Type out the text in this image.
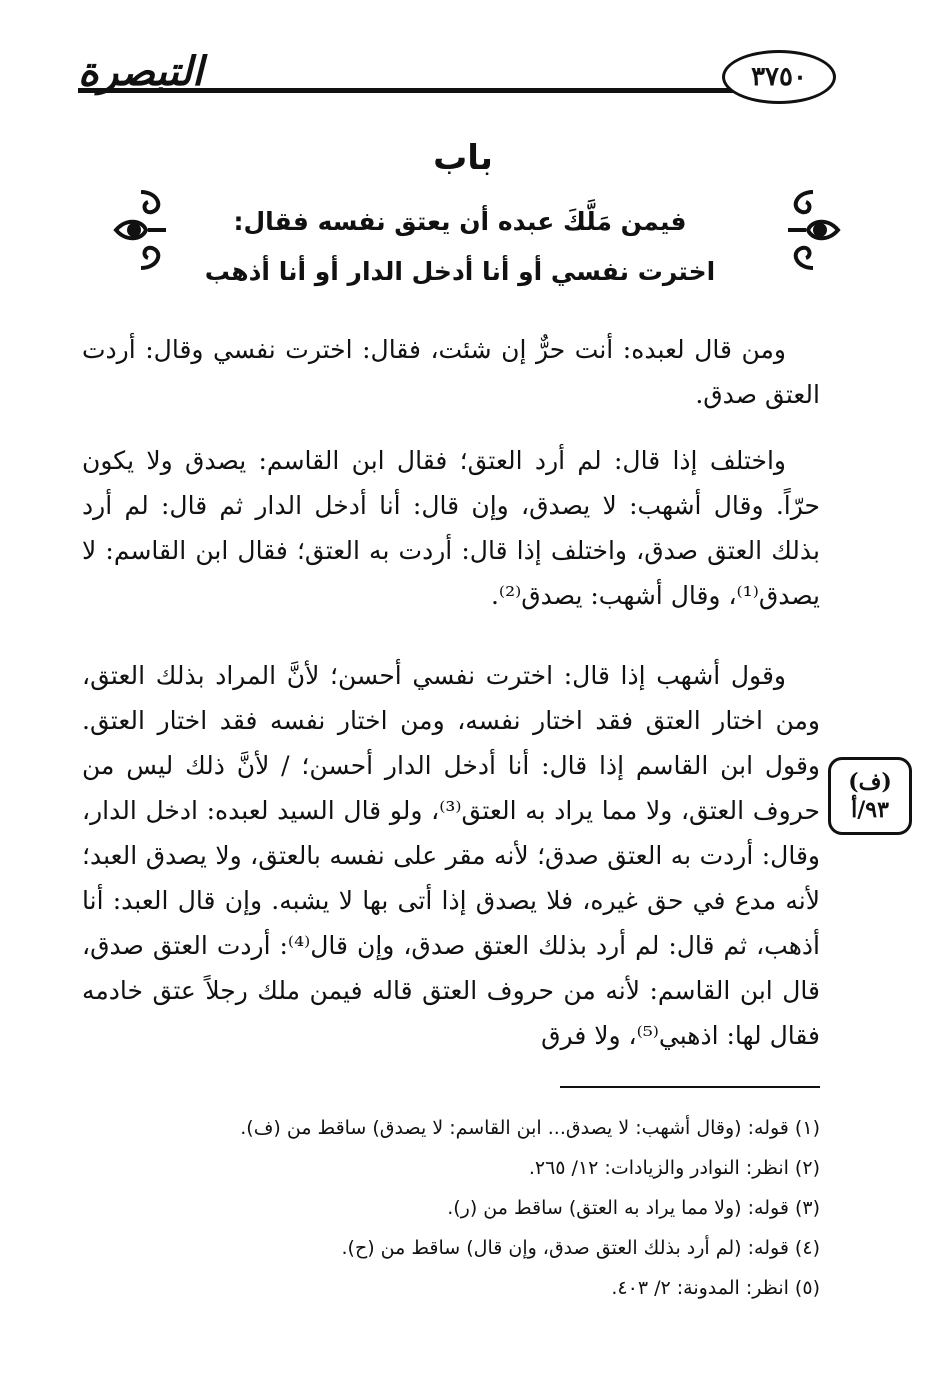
التبصرة	٣٧٥٠
باب
فيمن مَلَّكَ عبده أن يعتق نفسه فقال:
اخترت نفسي أو أنا أدخل الدار أو أنا أذهب
ومن قال لعبده: أنت حرٌّ إن شئت، فقال: اخترت نفسي وقال: أردت العتق صدق.
واختلف إذا قال: لم أرد العتق؛ فقال ابن القاسم: يصدق ولا يكون حرّاً. وقال أشهب: لا يصدق، وإن قال: أنا أدخل الدار ثم قال: لم أرد بذلك العتق صدق، واختلف إذا قال: أردت به العتق؛ فقال ابن القاسم: لا يصدق⁽¹⁾، وقال أشهب: يصدق⁽²⁾.
وقول أشهب إذا قال: اخترت نفسي أحسن؛ لأنَّ المراد بذلك العتق، ومن اختار العتق فقد اختار نفسه، ومن اختار نفسه فقد اختار العتق. وقول ابن القاسم إذا قال: أنا أدخل الدار أحسن؛ / لأنَّ ذلك ليس من حروف العتق، ولا مما يراد به العتق⁽³⁾، ولو قال السيد لعبده: ادخل الدار، وقال: أردت به العتق صدق؛ لأنه مقر على نفسه بالعتق، ولا يصدق العبد؛ لأنه مدع في حق غيره، فلا يصدق إذا أتى بها لا يشبه. وإن قال العبد: أنا أذهب، ثم قال: لم أرد بذلك العتق صدق، وإن قال⁽⁴⁾: أردت العتق صدق، قال ابن القاسم: لأنه من حروف العتق قاله فيمن ملك رجلاً عتق خادمه فقال لها: اذهبي⁽⁵⁾، ولا فرق
(ف)
٩٣/أ
(١) قوله: (وقال أشهب: لا يصدق... ابن القاسم: لا يصدق) ساقط من (ف).
(٢) انظر: النوادر والزيادات: ١٢/ ٢٦٥.
(٣) قوله: (ولا مما يراد به العتق) ساقط من (ر).
(٤) قوله: (لم أرد بذلك العتق صدق، وإن قال) ساقط من (ح).
(٥) انظر: المدونة: ٢/ ٤٠٣.
